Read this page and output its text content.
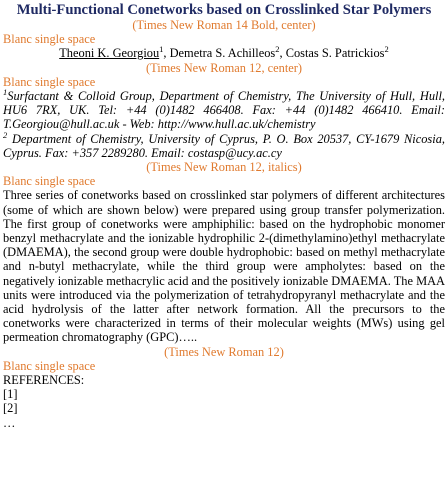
Multi-Functional Conetworks based on Crosslinked Star Polymers
(Times New Roman 14 Bold, center)
Blanc single space
Theoni K. Georgiou$^1$, Demetra S. Achilleos$^2$, Costas S. Patrickios$^2$
(Times New Roman 12, center)
Blanc single space
$^1$Surfactant & Colloid Group, Department of Chemistry, The University of Hull, Hull, HU6 7RX, UK. Tel: +44 (0)1482 466408. Fax: +44 (0)1482 466410. Email: T.Georgiou@hull.ac.uk - Web: http://www.hull.ac.uk/chemistry
$^2$ Department of Chemistry, University of Cyprus, P. O. Box 20537, CY-1679 Nicosia, Cyprus. Fax: +357 2289280. Email: costasp@ucy.ac.cy
(Times New Roman 12, italics)
Blanc single space

Three series of conetworks based on crosslinked star polymers of different architectures (some of which are shown below) were prepared using group transfer polymerization. The first group of conetworks were amphiphilic: based on the hydrophobic monomer benzyl methacrylate and the ionizable hydrophilic 2-(dimethylamino)ethyl methacrylate (DMAEMA), the second group were double hydrophobic: based on methyl methacrylate and n-butyl methacrylate, while the third group were ampholytes: based on the negatively ionizable methacrylic acid and the positively ionizable DMAEMA. The MAA units were introduced via the polymerization of tetrahydropyranyl methacrylate and the acid hydrolysis of the latter after network formation. All the precursors to the conetworks were characterized in terms of their molecular weights (MWs) using gel permeation chromatography (GPC)…..

(Times New Roman 12)
Blanc single space
REFERENCES:
[1]
[2]
…
